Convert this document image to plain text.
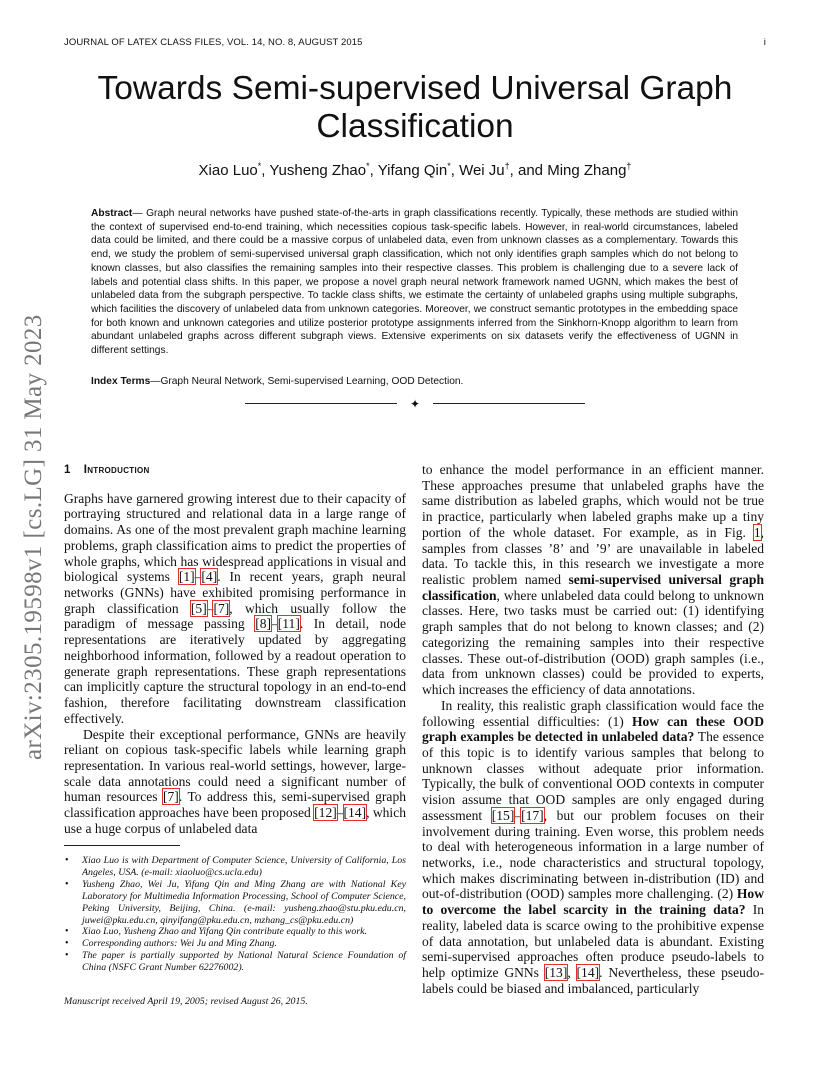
JOURNAL OF LATEX CLASS FILES, VOL. 14, NO. 8, AUGUST 2015	i
Towards Semi-supervised Universal Graph Classification
Xiao Luo*, Yusheng Zhao*, Yifang Qin*, Wei Ju†, and Ming Zhang†
Abstract— Graph neural networks have pushed state-of-the-arts in graph classifications recently. Typically, these methods are studied within the context of supervised end-to-end training, which necessities copious task-specific labels. However, in real-world circumstances, labeled data could be limited, and there could be a massive corpus of unlabeled data, even from unknown classes as a complementary. Towards this end, we study the problem of semi-supervised universal graph classification, which not only identifies graph samples which do not belong to known classes, but also classifies the remaining samples into their respective classes. This problem is challenging due to a severe lack of labels and potential class shifts. In this paper, we propose a novel graph neural network framework named UGNN, which makes the best of unlabeled data from the subgraph perspective. To tackle class shifts, we estimate the certainty of unlabeled graphs using multiple subgraphs, which facilities the discovery of unlabeled data from unknown categories. Moreover, we construct semantic prototypes in the embedding space for both known and unknown categories and utilize posterior prototype assignments inferred from the Sinkhorn-Knopp algorithm to learn from abundant unlabeled graphs across different subgraph views. Extensive experiments on six datasets verify the effectiveness of UGNN in different settings.
Index Terms—Graph Neural Network, Semi-supervised Learning, OOD Detection.
✦
arXiv:2305.19598v1 [cs.LG] 31 May 2023 1 Introduction

Graphs have garnered growing interest due to their capacity of portraying structured and relational data in a large range of domains. As one of the most prevalent graph machine learning problems, graph classification aims to predict the properties of whole graphs, which has widespread applications in visual and biological systems [1]–[4]. In recent years, graph neural networks (GNNs) have exhibited promising performance in graph classification [5]–[7], which usually follow the paradigm of message passing [8]–[11]. In detail, node representations are iteratively updated by aggregating neighborhood information, followed by a readout operation to generate graph representations. These graph representations can implicitly capture the structural topology in an end-to-end fashion, therefore facilitating downstream classification effectively.

Despite their exceptional performance, GNNs are heavily reliant on copious task-specific labels while learning graph representation. In various real-world settings, however, large-scale data annotations could need a significant number of human resources [7]. To address this, semi-supervised graph classification approaches have been proposed [12]–[14], which use a huge corpus of unlabeled data

• Xiao Luo is with Department of Computer Science, University of California, Los Angeles, USA. (e-mail: xiaoluo@cs.ucla.edu)
• Yusheng Zhao, Wei Ju, Yifang Qin and Ming Zhang are with National Key Laboratory for Multimedia Information Processing, School of Computer Science, Peking University, Beijing, China. (e-mail: yusheng.zhao@stu.pku.edu.cn, juwei@pku.edu.cn, qinyifang@pku.edu.cn, mzhang_cs@pku.edu.cn)
• Xiao Luo, Yusheng Zhao and Yifang Qin contribute equally to this work.
• Corresponding authors: Wei Ju and Ming Zhang.
• The paper is partially supported by National Natural Science Foundation of China (NSFC Grant Number 62276002).
Manuscript received April 19, 2005; revised August 26, 2015.

to enhance the model performance in an efficient manner. These approaches presume that unlabeled graphs have the same distribution as labeled graphs, which would not be true in practice, particularly when labeled graphs make up a tiny portion of the whole dataset. For example, as in Fig. 1, samples from classes ’8’ and ’9’ are unavailable in labeled data. To tackle this, in this research we investigate a more realistic problem named semi-supervised universal graph classification, where unlabeled data could belong to unknown classes. Here, two tasks must be carried out: (1) identifying graph samples that do not belong to known classes; and (2) categorizing the remaining samples into their respective classes. These out-of-distribution (OOD) graph samples (i.e., data from unknown classes) could be provided to experts, which increases the efficiency of data annotations.

In reality, this realistic graph classification would face the following essential difficulties: (1) How can these OOD graph examples be detected in unlabeled data? The essence of this topic is to identify various samples that belong to unknown classes without adequate prior information. Typically, the bulk of conventional OOD contexts in computer vision assume that OOD samples are only engaged during assessment [15]–[17], but our problem focuses on their involvement during training. Even worse, this problem needs to deal with heterogeneous information in a large number of networks, i.e., node characteristics and structural topology, which makes discriminating between in-distribution (ID) and out-of-distribution (OOD) samples more challenging. (2) How to overcome the label scarcity in the training data? In reality, labeled data is scarce owing to the prohibitive expense of data annotation, but unlabeled data is abundant. Existing semi-supervised approaches often produce pseudo-labels to help optimize GNNs [13], [14]. Nevertheless, these pseudo-labels could be biased and imbalanced, particularly
